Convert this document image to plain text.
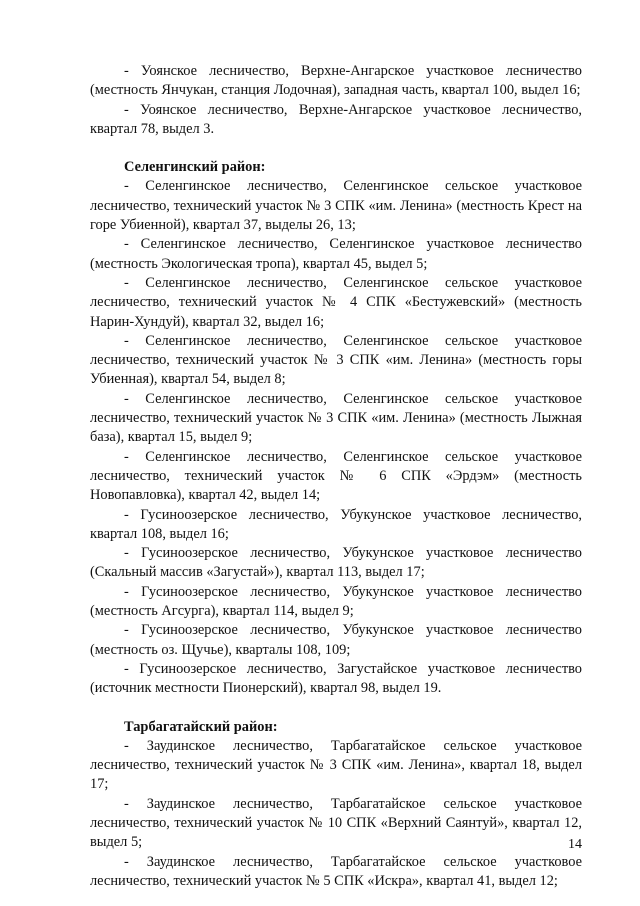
- Уоянское лесничество, Верхне-Ангарское участковое лесничество (местность Янчукан, станция Лодочная), западная часть, квартал 100, выдел 16;

- Уоянское лесничество, Верхне-Ангарское участковое лесничество, квартал 78, выдел 3.

Селенгинский район:

- Селенгинское лесничество, Селенгинское сельское участковое лесничество, технический участок № 3 СПК «им. Ленина» (местность Крест на горе Убиенной), квартал 37, выделы 26, 13;

- Селенгинское лесничество, Селенгинское участковое лесничество (местность Экологическая тропа), квартал 45, выдел 5;

- Селенгинское лесничество, Селенгинское сельское участковое лесничество, технический участок № 4 СПК «Бестужевский» (местность Нарин-Хундуй), квартал 32, выдел 16;

- Селенгинское лесничество, Селенгинское сельское участковое лесничество, технический участок № 3 СПК «им. Ленина» (местность горы Убиенная), квартал 54, выдел 8;

- Селенгинское лесничество, Селенгинское сельское участковое лесничество, технический участок № 3 СПК «им. Ленина» (местность Лыжная база), квартал 15, выдел 9;

- Селенгинское лесничество, Селенгинское сельское участковое лесничество, технический участок № 6 СПК «Эрдэм» (местность Новопавловка), квартал 42, выдел 14;

- Гусиноозерское лесничество, Убукунское участковое лесничество, квартал 108, выдел 16;

- Гусиноозерское лесничество, Убукунское участковое лесничество (Скальный массив «Загустай»), квартал 113, выдел 17;

- Гусиноозерское лесничество, Убукунское участковое лесничество (местность Агсурга), квартал 114, выдел 9;

- Гусиноозерское лесничество, Убукунское участковое лесничество (местность оз. Щучье), кварталы 108, 109;

- Гусиноозерское лесничество, Загустайское участковое лесничество (источник местности Пионерский), квартал 98, выдел 19.

Тарбагатайский район:

- Заудинское лесничество, Тарбагатайское сельское участковое лесничество, технический участок № 3 СПК «им. Ленина», квартал 18, выдел 17;

- Заудинское лесничество, Тарбагатайское сельское участковое лесничество, технический участок № 10 СПК «Верхний Саянтуй», квартал 12, выдел 5;

- Заудинское лесничество, Тарбагатайское сельское участковое лесничество, технический участок № 5 СПК «Искра», квартал 41, выдел 12;

14
